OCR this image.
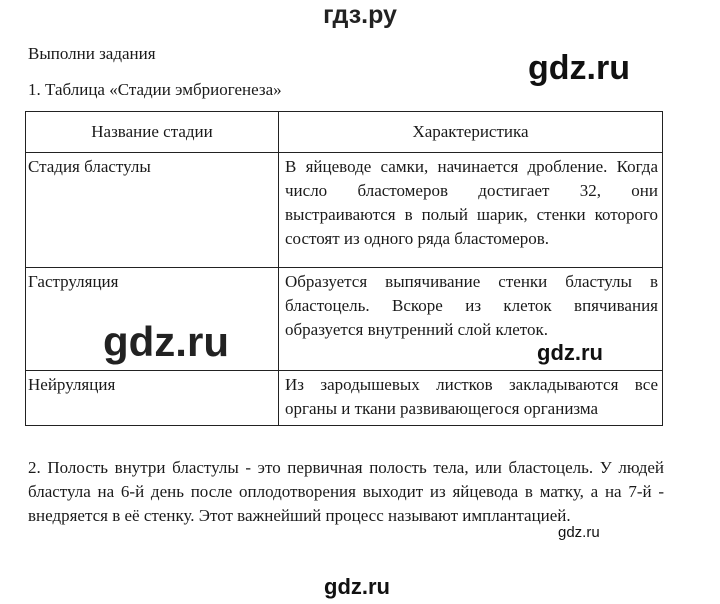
гдз.ру
Выполни задания
1. Таблица «Стадии эмбриогенеза»
Название стадии	Характеристика
Стадия бластулы	В яйцеводе самки, начинается дробление. Когда число бластомеров достигает 32, они выстраиваются в полый шарик, стенки которого состоят из одного ряда бластомеров.
Гаструляция	Образуется выпячивание стенки бластулы в бластоцель. Вскоре из клеток впячивания образуется внутренний слой клеток.
Нейруляция	Из зародышевых листков закладываются все органы и ткани развивающегося организма
2. Полость внутри бластулы - это первичная полость тела, или бластоцель. У людей бластула на 6-й день после оплодотворения выходит из яйцевода в матку, а на 7-й - внедряется в её стенку. Этот важнейший процесс называют имплантацией.
gdz.ru
gdz.ru	gdz.ru
gdz.ru
gdz.ru
